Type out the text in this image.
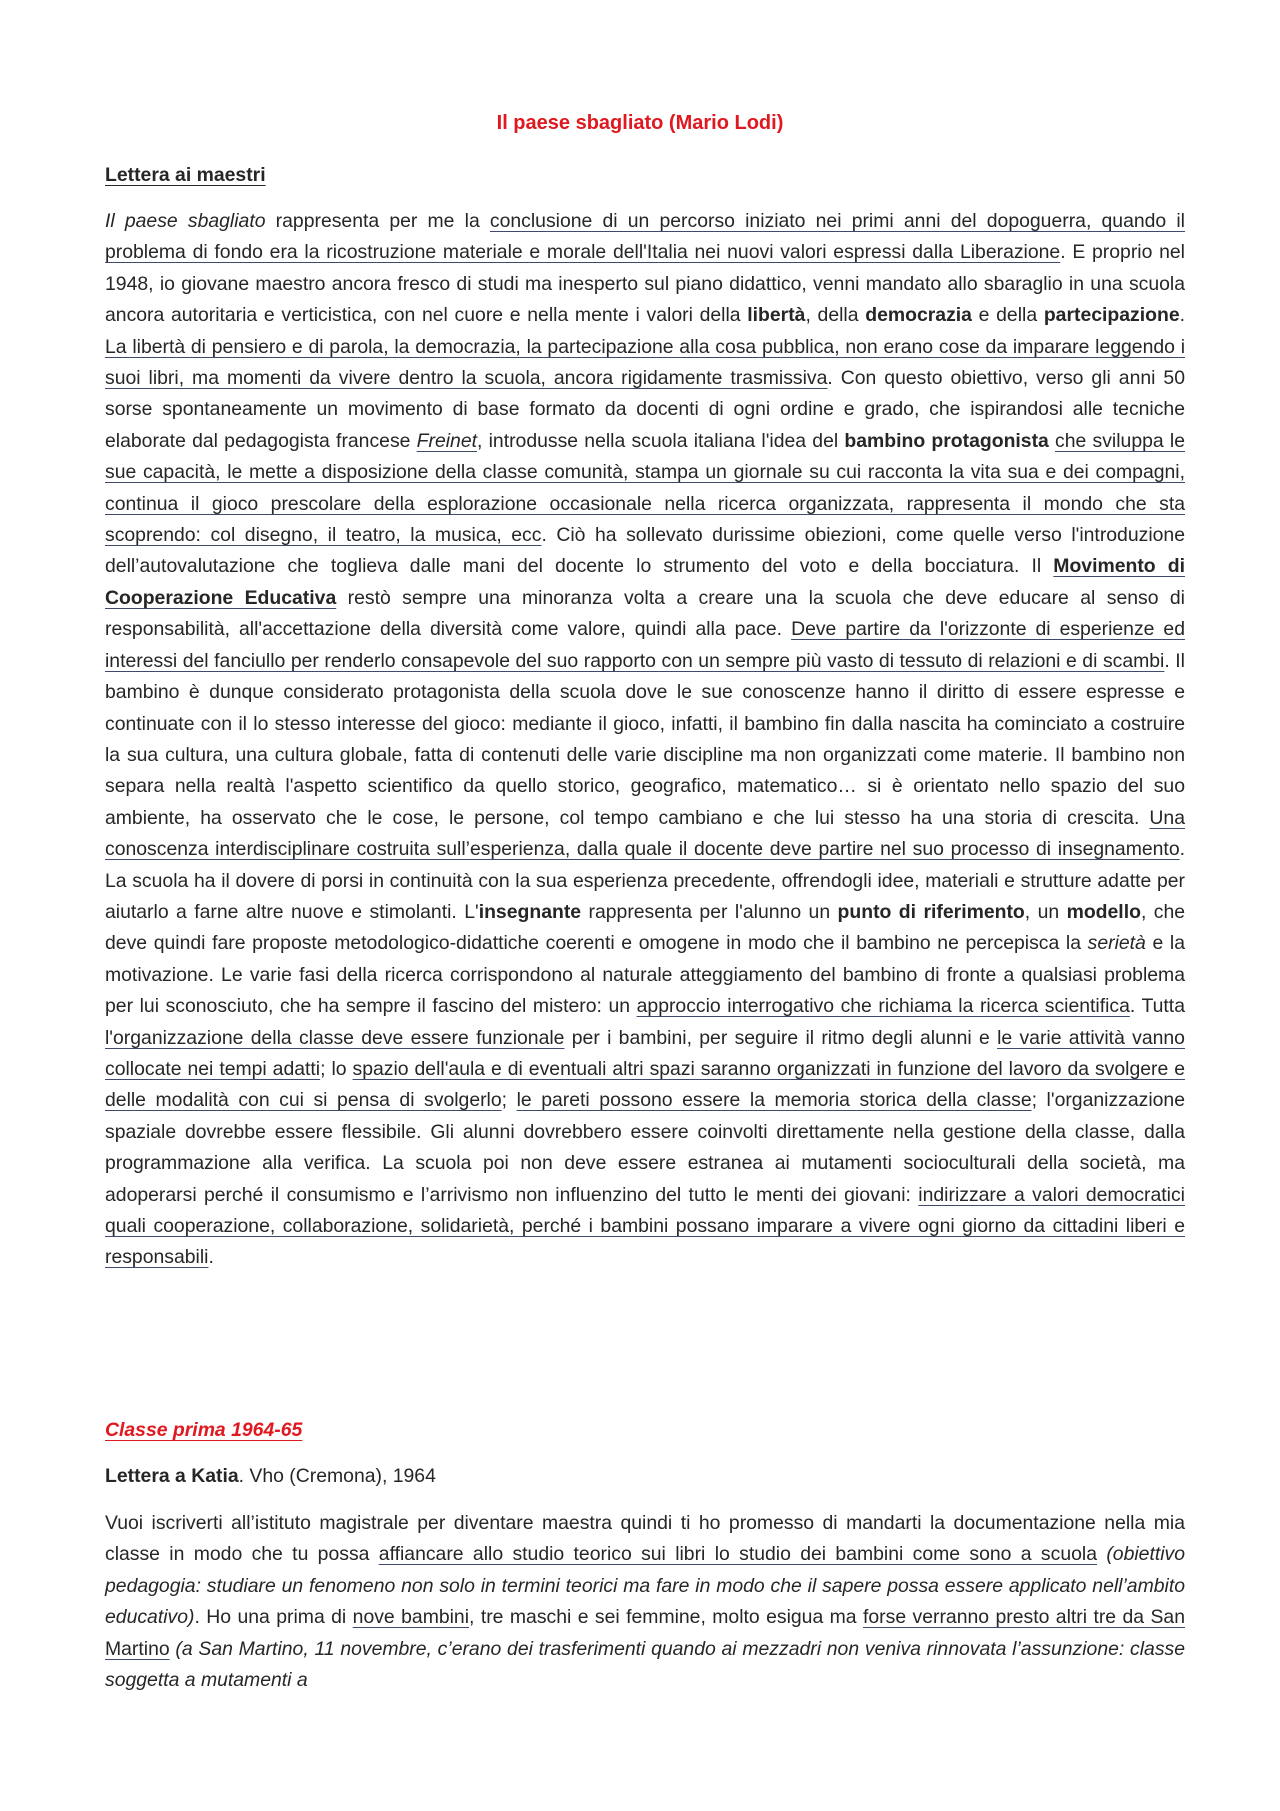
Il paese sbagliato (Mario Lodi)
Lettera ai maestri

Il paese sbagliato rappresenta per me la conclusione di un percorso iniziato nei primi anni del dopoguerra, quando il problema di fondo era la ricostruzione materiale e morale dell'Italia nei nuovi valori espressi dalla Liberazione. E proprio nel 1948, io giovane maestro ancora fresco di studi ma inesperto sul piano didattico, venni mandato allo sbaraglio in una scuola ancora autoritaria e verticistica, con nel cuore e nella mente i valori della libertà, della democrazia e della partecipazione. La libertà di pensiero e di parola, la democrazia, la partecipazione alla cosa pubblica, non erano cose da imparare leggendo i suoi libri, ma momenti da vivere dentro la scuola, ancora rigidamente trasmissiva. Con questo obiettivo, verso gli anni 50 sorse spontaneamente un movimento di base formato da docenti di ogni ordine e grado, che ispirandosi alle tecniche elaborate dal pedagogista francese Freinet, introdusse nella scuola italiana l'idea del bambino protagonista che sviluppa le sue capacità, le mette a disposizione della classe comunità, stampa un giornale su cui racconta la vita sua e dei compagni, continua il gioco prescolare della esplorazione occasionale nella ricerca organizzata, rappresenta il mondo che sta scoprendo: col disegno, il teatro, la musica, ecc. Ciò ha sollevato durissime obiezioni, come quelle verso l'introduzione dell’autovalutazione che toglieva dalle mani del docente lo strumento del voto e della bocciatura. Il Movimento di Cooperazione Educativa restò sempre una minoranza volta a creare una la scuola che deve educare al senso di responsabilità, all'accettazione della diversità come valore, quindi alla pace. Deve partire da l'orizzonte di esperienze ed interessi del fanciullo per renderlo consapevole del suo rapporto con un sempre più vasto di tessuto di relazioni e di scambi. Il bambino è dunque considerato protagonista della scuola dove le sue conoscenze hanno il diritto di essere espresse e continuate con il lo stesso interesse del gioco: mediante il gioco, infatti, il bambino fin dalla nascita ha cominciato a costruire la sua cultura, una cultura globale, fatta di contenuti delle varie discipline ma non organizzati come materie. Il bambino non separa nella realtà l'aspetto scientifico da quello storico, geografico, matematico… si è orientato nello spazio del suo ambiente, ha osservato che le cose, le persone, col tempo cambiano e che lui stesso ha una storia di crescita. Una conoscenza interdisciplinare costruita sull’esperienza, dalla quale il docente deve partire nel suo processo di insegnamento. La scuola ha il dovere di porsi in continuità con la sua esperienza precedente, offrendogli idee, materiali e strutture adatte per aiutarlo a farne altre nuove e stimolanti. L'insegnante rappresenta per l'alunno un punto di riferimento, un modello, che deve quindi fare proposte metodologico-didattiche coerenti e omogene in modo che il bambino ne percepisca la serietà e la motivazione. Le varie fasi della ricerca corrispondono al naturale atteggiamento del bambino di fronte a qualsiasi problema per lui sconosciuto, che ha sempre il fascino del mistero: un approccio interrogativo che richiama la ricerca scientifica. Tutta l'organizzazione della classe deve essere funzionale per i bambini, per seguire il ritmo degli alunni e le varie attività vanno collocate nei tempi adatti; lo spazio dell'aula e di eventuali altri spazi saranno organizzati in funzione del lavoro da svolgere e delle modalità con cui si pensa di svolgerlo; le pareti possono essere la memoria storica della classe; l'organizzazione spaziale dovrebbe essere flessibile. Gli alunni dovrebbero essere coinvolti direttamente nella gestione della classe, dalla programmazione alla verifica. La scuola poi non deve essere estranea ai mutamenti socioculturali della società, ma adoperarsi perché il consumismo e l’arrivismo non influenzino del tutto le menti dei giovani: indirizzare a valori democratici quali cooperazione, collaborazione, solidarietà, perché i bambini possano imparare a vivere ogni giorno da cittadini liberi e responsabili.

Classe prima 1964-65

Lettera a Katia. Vho (Cremona), 1964

Vuoi iscriverti all’istituto magistrale per diventare maestra quindi ti ho promesso di mandarti la documentazione nella mia classe in modo che tu possa affiancare allo studio teorico sui libri lo studio dei bambini come sono a scuola (obiettivo pedagogia: studiare un fenomeno non solo in termini teorici ma fare in modo che il sapere possa essere applicato nell’ambito educativo). Ho una prima di nove bambini, tre maschi e sei femmine, molto esigua ma forse verranno presto altri tre da San Martino (a San Martino, 11 novembre, c’erano dei trasferimenti quando ai mezzadri non veniva rinnovata l’assunzione: classe soggetta a mutamenti a
